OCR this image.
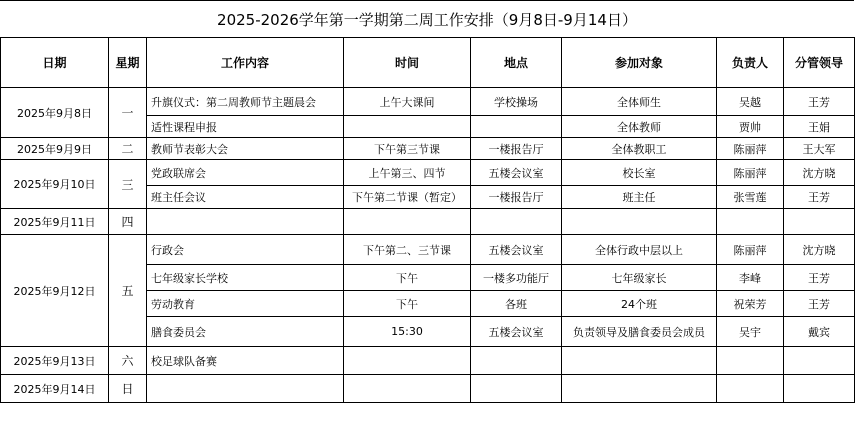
2025-2026学年第一学期第二周工作安排（9月8日-9月14日）
日期	星期	工作内容	时间	地点	参加对象	负责人	分管领导
2025年9月8日	一	升旗仪式：第二周教师节主题晨会	上午大课间	学校操场	全体师生	吴越	王芳
		适性课程申报			全体教师	贾帅	王娟
2025年9月9日	二	教师节表彰大会	下午第三节课	一楼报告厅	全体教职工	陈丽萍	王大军
2025年9月10日	三	党政联席会	上午第三、四节	五楼会议室	校长室	陈丽萍	沈方晓
		班主任会议	下午第二节课（暂定）	一楼报告厅	班主任	张雪莲	王芳
2025年9月11日	四						
2025年9月12日	五	行政会	下午第二、三节课	五楼会议室	全体行政中层以上	陈丽萍	沈方晓
		七年级家长学校	下午	一楼多功能厅	七年级家长	李峰	王芳
		劳动教育	下午	各班	24个班	祝荣芳	王芳
		膳食委员会	15:30	五楼会议室	负责领导及膳食委员会成员	吴宇	戴宾
2025年9月13日	六	校足球队备赛					
2025年9月14日	日						
